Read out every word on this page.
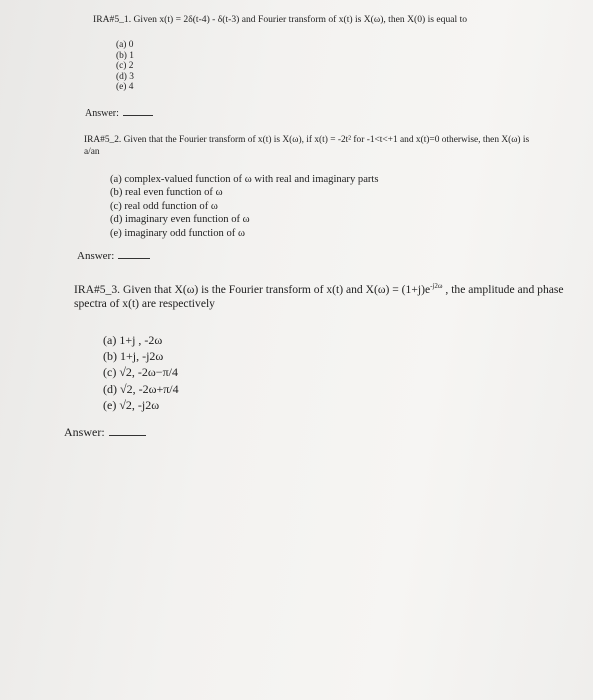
IRA#5_1. Given x(t) = 2δ(t-4) - δ(t-3) and Fourier transform of x(t) is X(ω), then X(0) is equal to

(a) 0
(b) 1
(c) 2
(d) 3
(e) 4
Answer:

IRA#5_2. Given that the Fourier transform of x(t) is X(ω), if x(t) = -2t² for -1<t<+1 and x(t)=0 otherwise, then X(ω) is a/an

(a) complex-valued function of ω with real and imaginary parts
(b) real even function of ω
(c) real odd function of ω
(d) imaginary even function of ω
(e) imaginary odd function of ω
Answer:

IRA#5_3. Given that X(ω) is the Fourier transform of x(t) and $X(\omega) = (1+j)e^{-j2\omega}$ , the amplitude and phase spectra of x(t) are respectively

(a) 1+j , -2ω
(b) 1+j, -j2ω
(c) √2, -2ω−π/4
(d) √2, -2ω+π/4
(e) √2, -j2ω
Answer:
